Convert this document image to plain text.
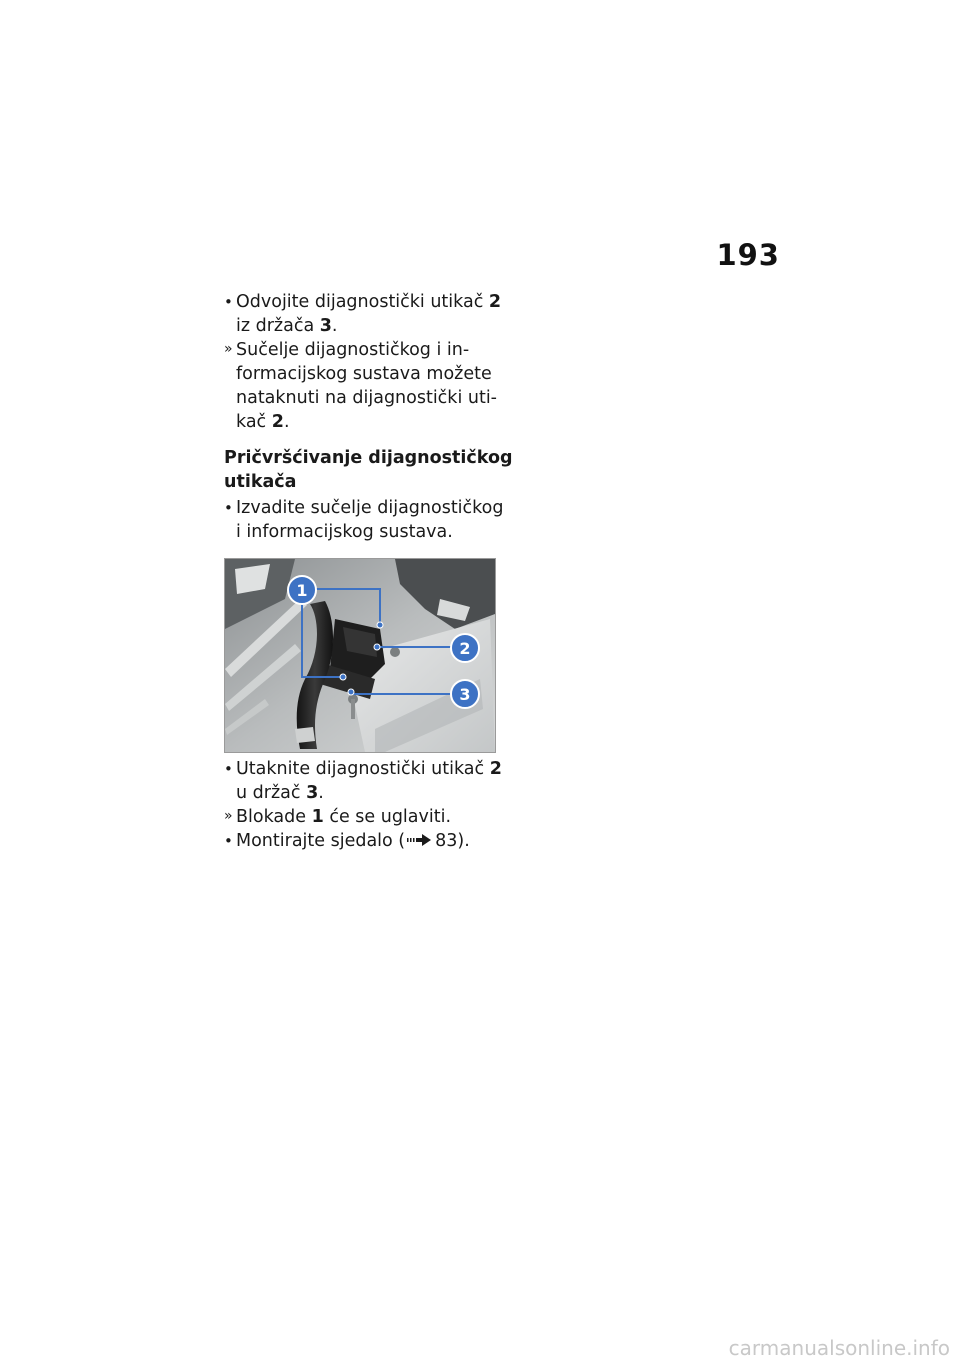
193
• Odvojite dijagnostički utikač 2
iz držača 3.
» Sučelje dijagnostičkog i in-
formacijskog sustava možete
nataknuti na dijagnostički uti-
kač 2.
Pričvršćivanje dijagnostičkog
utikača
• Izvadite sučelje dijagnostičkog
i informacijskog sustava.
1
2
3
• Utaknite dijagnostički utikač 2
u držač 3.
» Blokade 1 će se uglaviti.
• Montirajte sjedalo ( 83).
carmanualsonline.info
